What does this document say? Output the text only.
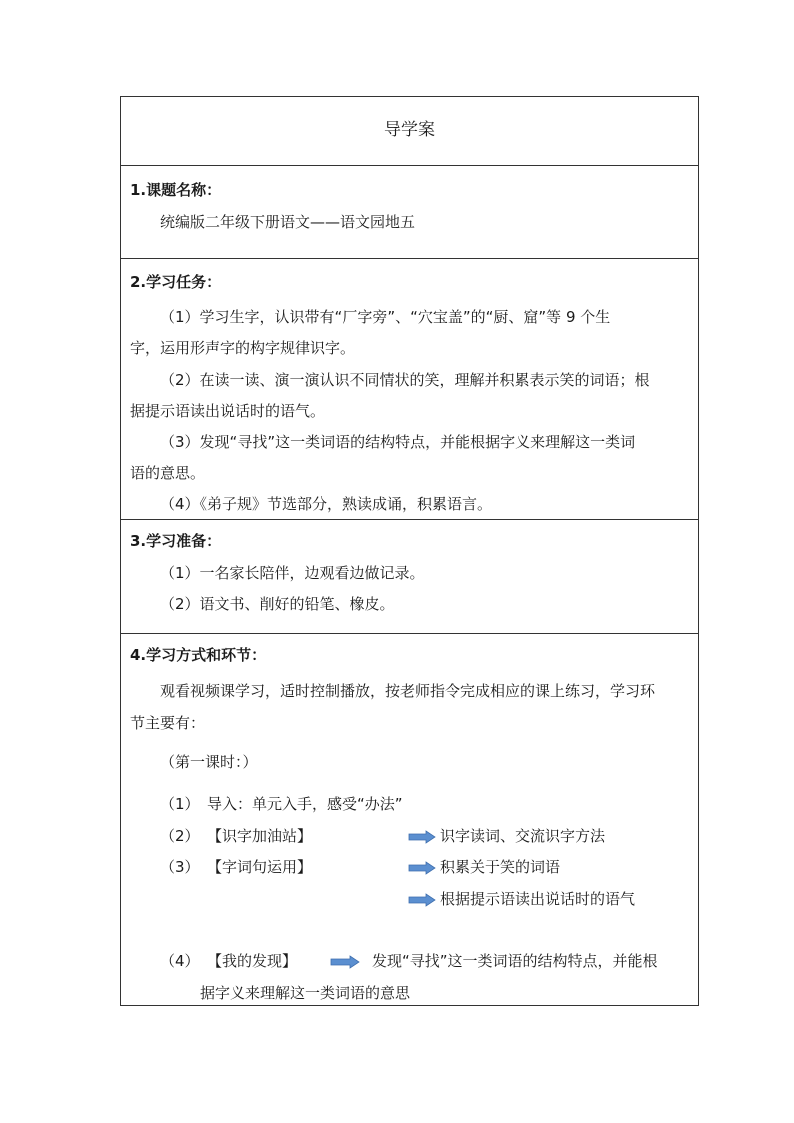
导学案
1.课题名称：
统编版二年级下册语文——语文园地五
2.学习任务：
（1）学习生字，认识带有“厂字旁”、“穴宝盖”的“厨、窟”等 9 个生
字，运用形声字的构字规律识字。
（2）在读一读、演一演认识不同情状的笑，理解并积累表示笑的词语；根
据提示语读出说话时的语气。
（3）发现“寻找”这一类词语的结构特点，并能根据字义来理解这一类词
语的意思。
（4）《弟子规》节选部分，熟读成诵，积累语言。
3.学习准备：
（1）一名家长陪伴，边观看边做记录。
（2）语文书、削好的铅笔、橡皮。
4.学习方式和环节：
观看视频课学习，适时控制播放，按老师指令完成相应的课上练习，学习环
节主要有：
（第一课时：）
（1） 导入：单元入手，感受“办法”
（2） 【识字加油站】	识字读词、交流识字方法
（3） 【字词句运用】	积累关于笑的词语
根据提示语读出说话时的语气
（4） 【我的发现】	发现“寻找”这一类词语的结构特点，并能根
据字义来理解这一类词语的意思
